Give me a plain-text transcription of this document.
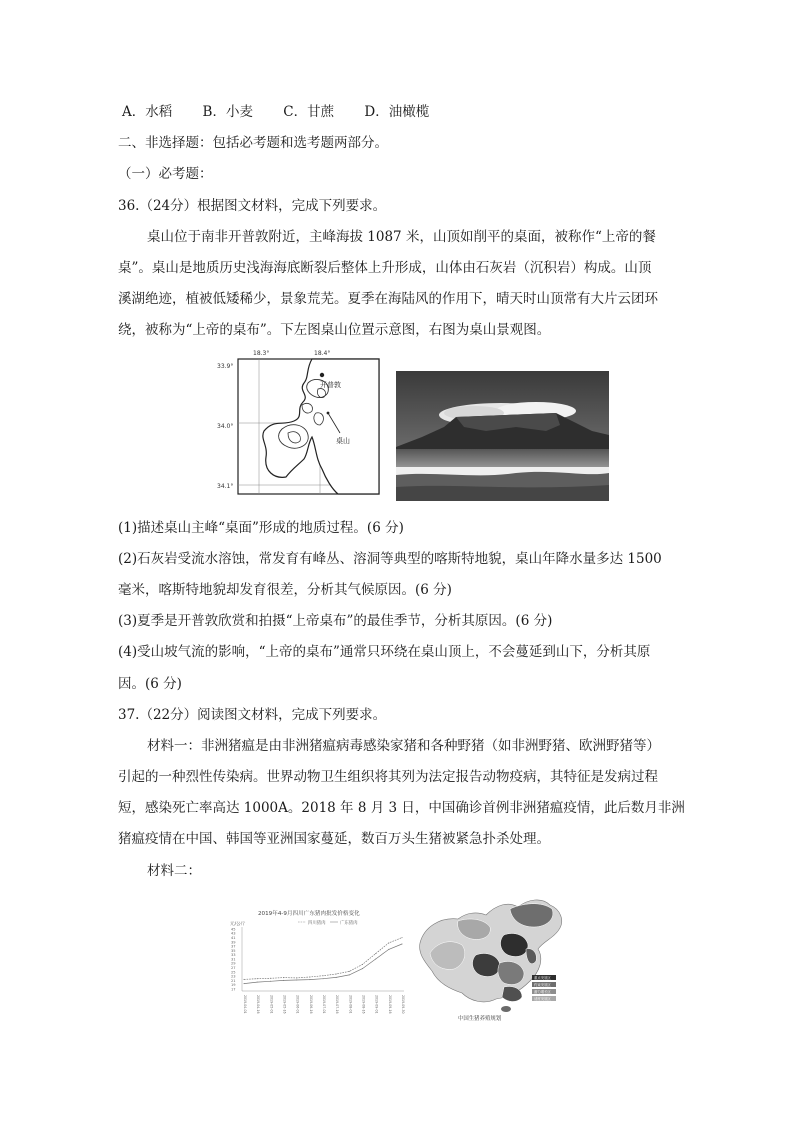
A．水稻 B．小麦 C．甘蔗 D．油橄榄
二、非选择题：包括必考题和选考题两部分。
（一）必考题：
36.（24分）根据图文材料，完成下列要求。
桌山位于南非开普敦附近，主峰海拔 1087 米，山顶如削平的桌面，被称作“上帝的餐
桌”。桌山是地质历史浅海海底断裂后整体上升形成，山体由石灰岩（沉积岩）构成。山顶
溪湖绝迹，植被低矮稀少，景象荒芜。夏季在海陆风的作用下，晴天时山顶常有大片云团环
绕，被称为“上帝的桌布”。下左图桌山位置示意图，右图为桌山景观图。
18.3°	18.4°
33.9°
34.0°
34.1°
开普敦
桌山
(1)描述桌山主峰“桌面”形成的地质过程。(6 分)
(2)石灰岩受流水溶蚀，常发育有峰丛、溶洞等典型的喀斯特地貌，桌山年降水量多达 1500
毫米，喀斯特地貌却发育很差，分析其气候原因。(6 分)
(3)夏季是开普敦欣赏和拍摄“上帝桌布”的最佳季节，分析其原因。(6 分)
(4)受山坡气流的影响，“上帝的桌布”通常只环绕在桌山顶上，不会蔓延到山下，分析其原
因。(6 分)
37.（22分）阅读图文材料，完成下列要求。
材料一：非洲猪瘟是由非洲猪瘟病毒感染家猪和各种野猪（如非洲野猪、欧洲野猪等）
引起的一种烈性传染病。世界动物卫生组织将其列为法定报告动物疫病，其特征是发病过程
短，感染死亡率高达 1000A。2018 年 8 月 3 日，中国确诊首例非洲猪瘟疫情，此后数月非洲
猪瘟疫情在中国、韩国等亚洲国家蔓延，数百万头生猪被紧急扑杀处理。
材料二：
2019年4-9月四川广东猪肉批发价格变化
元/公斤	四川猪肉	广东猪肉
45
43
41
39
37
35
33
31
29
27
25
23
21
19
17
2019-04-01	2019-04-16	2019-05-01	2019-05-16	2019-06-01	2019-06-16	2019-07-01	2019-07-16	2019-08-01	2019-08-16	2019-09-01	2019-09-16	2019-09-30
重点发展区
约束发展区
潜力增长区
适度发展区
中国生猪养殖规划
